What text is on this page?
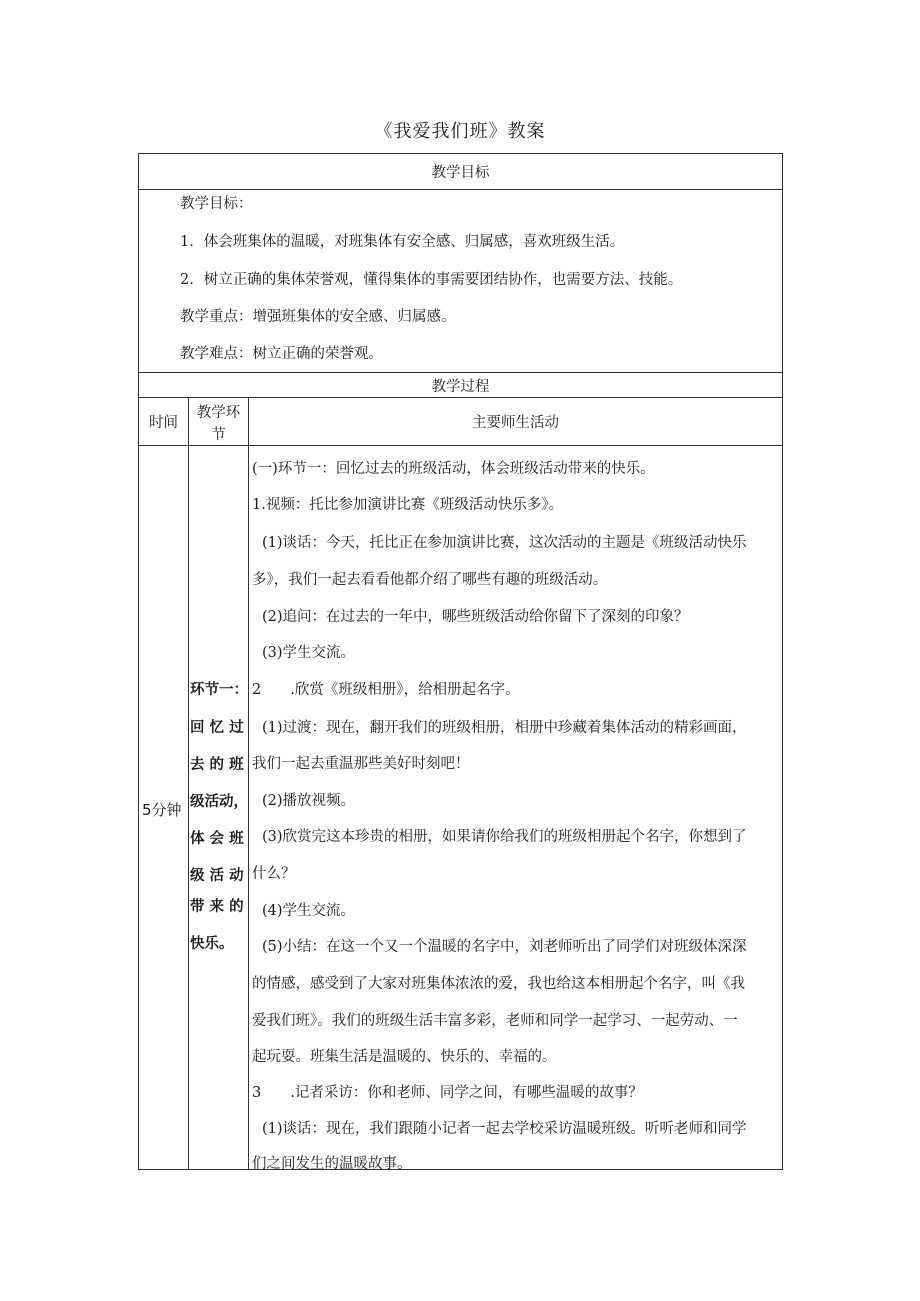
《我爱我们班》教案
教学目标
教学目标：
1．体会班集体的温暖，对班集体有安全感、归属感，喜欢班级生活。
2．树立正确的集体荣誉观，懂得集体的事需要团结协作，也需要方法、技能。
教学重点：增强班集体的安全感、归属感。
教学难点：树立正确的荣誉观。
教学过程
时间
教学环
节
主要师生活动
5分钟
环节一：
回 忆 过
去 的 班
级活动，
体 会 班
级 活 动
带 来 的
快乐。
(一)环节一：回忆过去的班级活动，体会班级活动带来的快乐。
1.视频：托比参加演讲比赛《班级活动快乐多》。
(1)谈话：今天，托比正在参加演讲比赛，这次活动的主题是《班级活动快乐
多》，我们一起去看看他都介绍了哪些有趣的班级活动。
(2)追问：在过去的一年中，哪些班级活动给你留下了深刻的印象？
(3)学生交流。
2　　.欣赏《班级相册》，给相册起名字。
(1)过渡：现在，翻开我们的班级相册，相册中珍藏着集体活动的精彩画面，
我们一起去重温那些美好时刻吧！
(2)播放视频。
(3)欣赏完这本珍贵的相册，如果请你给我们的班级相册起个名字，你想到了
什么？
(4)学生交流。
(5)小结：在这一个又一个温暖的名字中，刘老师听出了同学们对班级体深深
的情感，感受到了大家对班集体浓浓的爱，我也给这本相册起个名字，叫《我
爱我们班》。我们的班级生活丰富多彩，老师和同学一起学习、一起劳动、一
起玩耍。班集生活是温暖的、快乐的、幸福的。
3　　.记者采访：你和老师、同学之间，有哪些温暖的故事？
(1)谈话：现在，我们跟随小记者一起去学校采访温暖班级。听听老师和同学
们之间发生的温暖故事。
